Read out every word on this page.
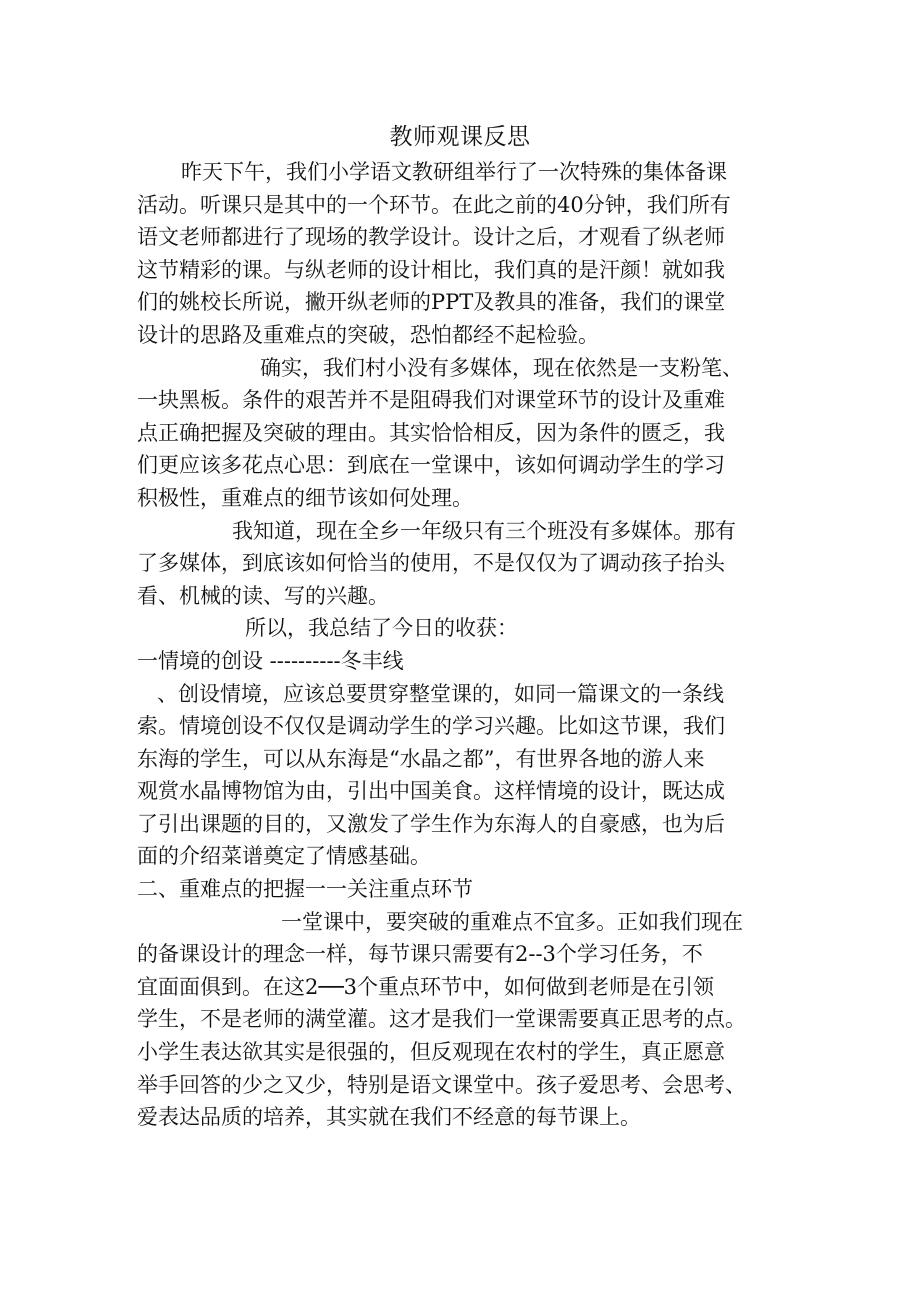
教师观课反思
昨天下午，我们小学语文教研组举行了一次特殊的集体备课
活动。听课只是其中的一个环节。在此之前的40分钟，我们所有
语文老师都进行了现场的教学设计。设计之后，才观看了纵老师
这节精彩的课。与纵老师的设计相比，我们真的是汗颜！就如我
们的姚校长所说，撇开纵老师的PPT及教具的准备，我们的课堂
设计的思路及重难点的突破，恐怕都经不起检验。
确实，我们村小没有多媒体，现在依然是一支粉笔、
一块黑板。条件的艰苦并不是阻碍我们对课堂环节的设计及重难
点正确把握及突破的理由。其实恰恰相反，因为条件的匮乏，我
们更应该多花点心思：到底在一堂课中，该如何调动学生的学习
积极性，重难点的细节该如何处理。
我知道，现在全乡一年级只有三个班没有多媒体。那有
了多媒体，到底该如何恰当的使用，不是仅仅为了调动孩子抬头
看、机械的读、写的兴趣。
所以，我总结了今日的收获：
一情境的创设 ----------冬丰线
、创设情境，应该总要贯穿整堂课的，如同一篇课文的一条线
索。情境创设不仅仅是调动学生的学习兴趣。比如这节课，我们
东海的学生，可以从东海是“水晶之都”，有世界各地的游人来
观赏水晶博物馆为由，引出中国美食。这样情境的设计，既达成
了引出课题的目的，又激发了学生作为东海人的自豪感，也为后
面的介绍菜谱奠定了情感基础。
二、重难点的把握一一关注重点环节
一堂课中，要突破的重难点不宜多。正如我们现在
的备课设计的理念一样，每节课只需要有2--3个学习任务，不
宜面面俱到。在这2──3个重点环节中，如何做到老师是在引领
学生，不是老师的满堂灌。这才是我们一堂课需要真正思考的点。
小学生表达欲其实是很强的，但反观现在农村的学生，真正愿意
举手回答的少之又少，特别是语文课堂中。孩子爱思考、会思考、
爱表达品质的培养，其实就在我们不经意的每节课上。
